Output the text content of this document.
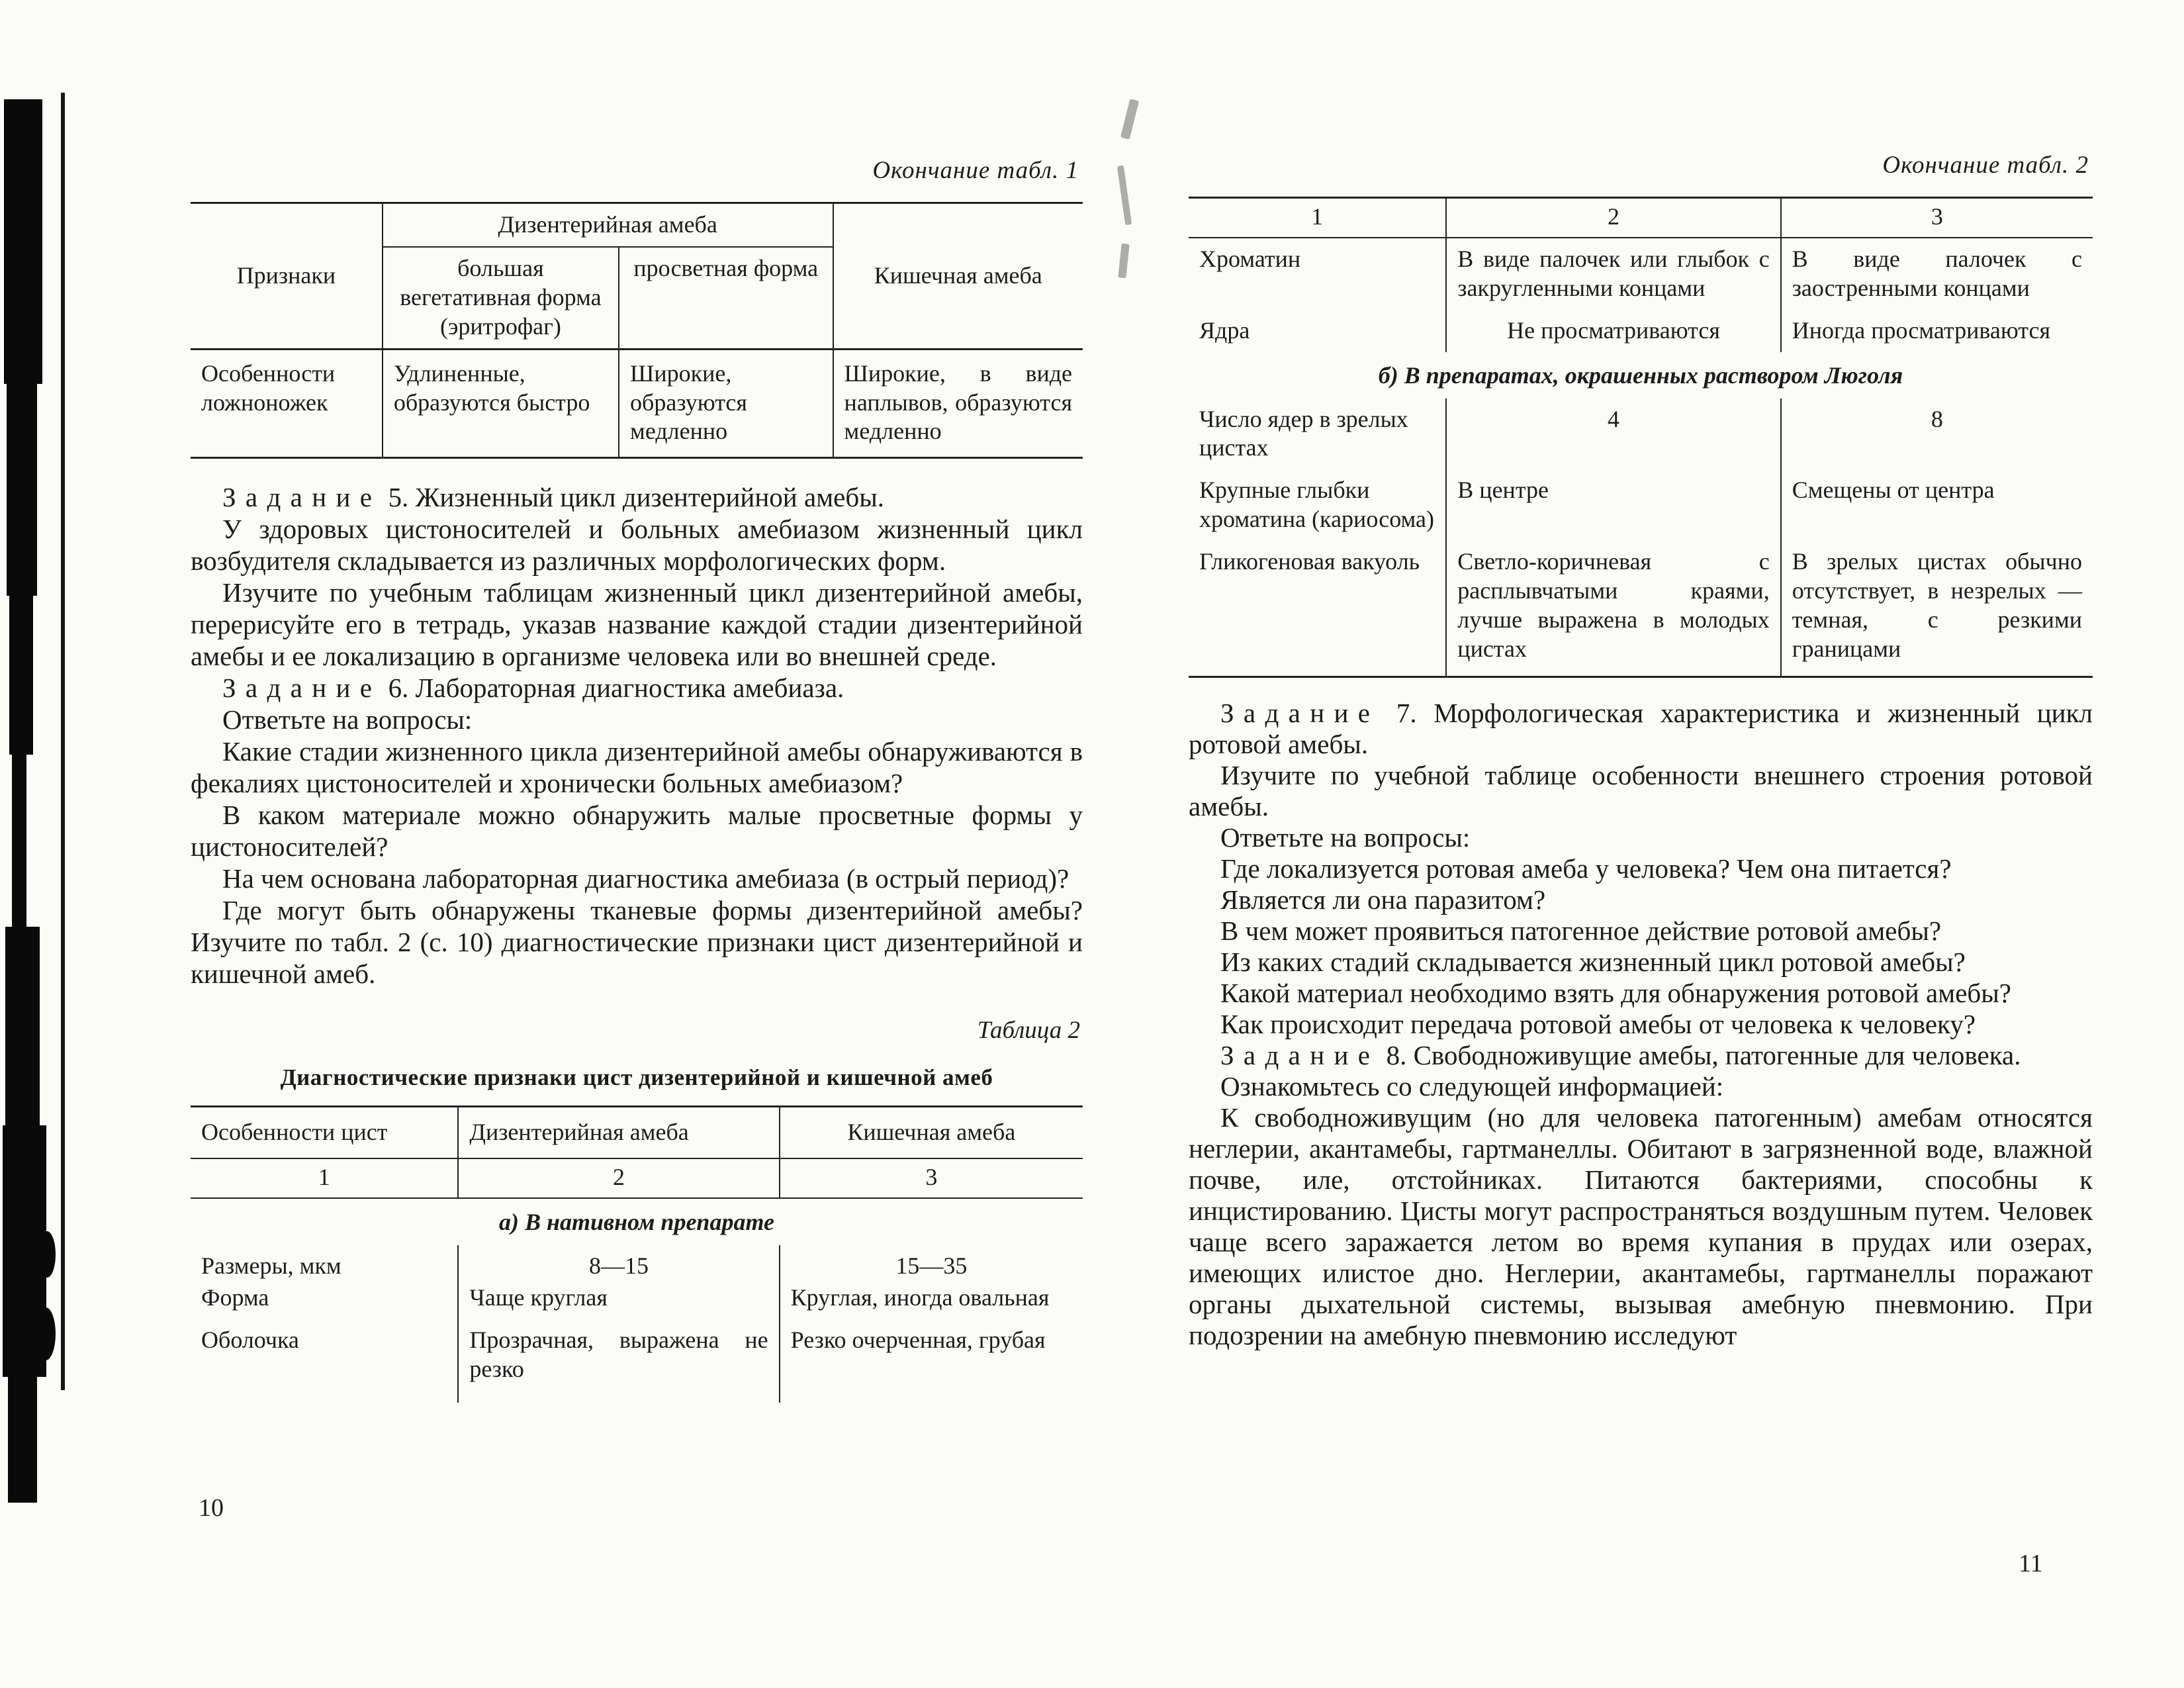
Окончание табл. 1
Признаки	Дизентерийная амеба		Кишечная амеба
	большая вегетативная форма (эритрофаг)	просветная форма	
Особенности ложноножек	Удлиненные, образуются быстро	Широкие, образуются медленно	Широкие, в виде наплывов, образуются медленно

Задание 5. Жизненный цикл дизентерийной амебы.

У здоровых цистоносителей и больных амебиазом жизненный цикл возбудителя складывается из различных морфологических форм.

Изучите по учебным таблицам жизненный цикл дизентерийной амебы, перерисуйте его в тетрадь, указав название каждой стадии дизентерийной амебы и ее локализацию в организме человека или во внешней среде.

Задание 6. Лабораторная диагностика амебиаза.

Ответьте на вопросы:

Какие стадии жизненного цикла дизентерийной амебы обнаруживаются в фекалиях цистоносителей и хронически больных амебиазом?

В каком материале можно обнаружить малые просветные формы у цистоносителей?

На чем основана лабораторная диагностика амебиаза (в острый период)?

Где могут быть обнаружены тканевые формы дизентерийной амебы? Изучите по табл. 2 (с. 10) диагностические признаки цист дизентерийной и кишечной амеб.

Таблица 2
Диагностические признаки цист дизентерийной и кишечной амеб
Особенности цист	Дизентерийная амеба	Кишечная амеба
1	2	3
а) В нативном препарате		
Размеры, мкм	8—15	15—35
Форма	Чаще круглая	Круглая, иногда овальная
Оболочка	Прозрачная, выражена не резко	Резко очерченная, грубая
Окончание табл. 2
1	2	3
Хроматин	В виде палочек или глыбок с закругленными концами	В виде палочек с заостренными концами
Ядра	Не просматриваются	Иногда просматриваются
б) В препаратах, окрашенных раствором Люголя		
Число ядер в зрелых цистах	4	8
Крупные глыбки хроматина (кариосома)	В центре	Смещены от центра
Гликогеновая вакуоль	Светло-коричневая с расплывчатыми краями, лучше выражена в молодых цистах	В зрелых цистах обычно отсутствует, в незрелых — темная, с резкими границами

Задание 7. Морфологическая характеристика и жизненный цикл ротовой амебы.

Изучите по учебной таблице особенности внешнего строения ротовой амебы.

Ответьте на вопросы:

Где локализуется ротовая амеба у человека? Чем она питается?

Является ли она паразитом?

В чем может проявиться патогенное действие ротовой амебы?

Из каких стадий складывается жизненный цикл ротовой амебы?

Какой материал необходимо взять для обнаружения ротовой амебы?

Как происходит передача ротовой амебы от человека к человеку?

Задание 8. Свободноживущие амебы, патогенные для человека.

Ознакомьтесь со следующей информацией:

К свободноживущим (но для человека патогенным) амебам относятся неглерии, акантамебы, гартманеллы. Обитают в загрязненной воде, влажной почве, иле, отстойниках. Питаются бактериями, способны к инцистированию. Цисты могут распространяться воздушным путем. Человек чаще всего заражается летом во время купания в прудах или озерах, имеющих илистое дно. Неглерии, акантамебы, гартманеллы поражают органы дыхательной системы, вызывая амебную пневмонию. При подозрении на амебную пневмонию исследуют

10
11
